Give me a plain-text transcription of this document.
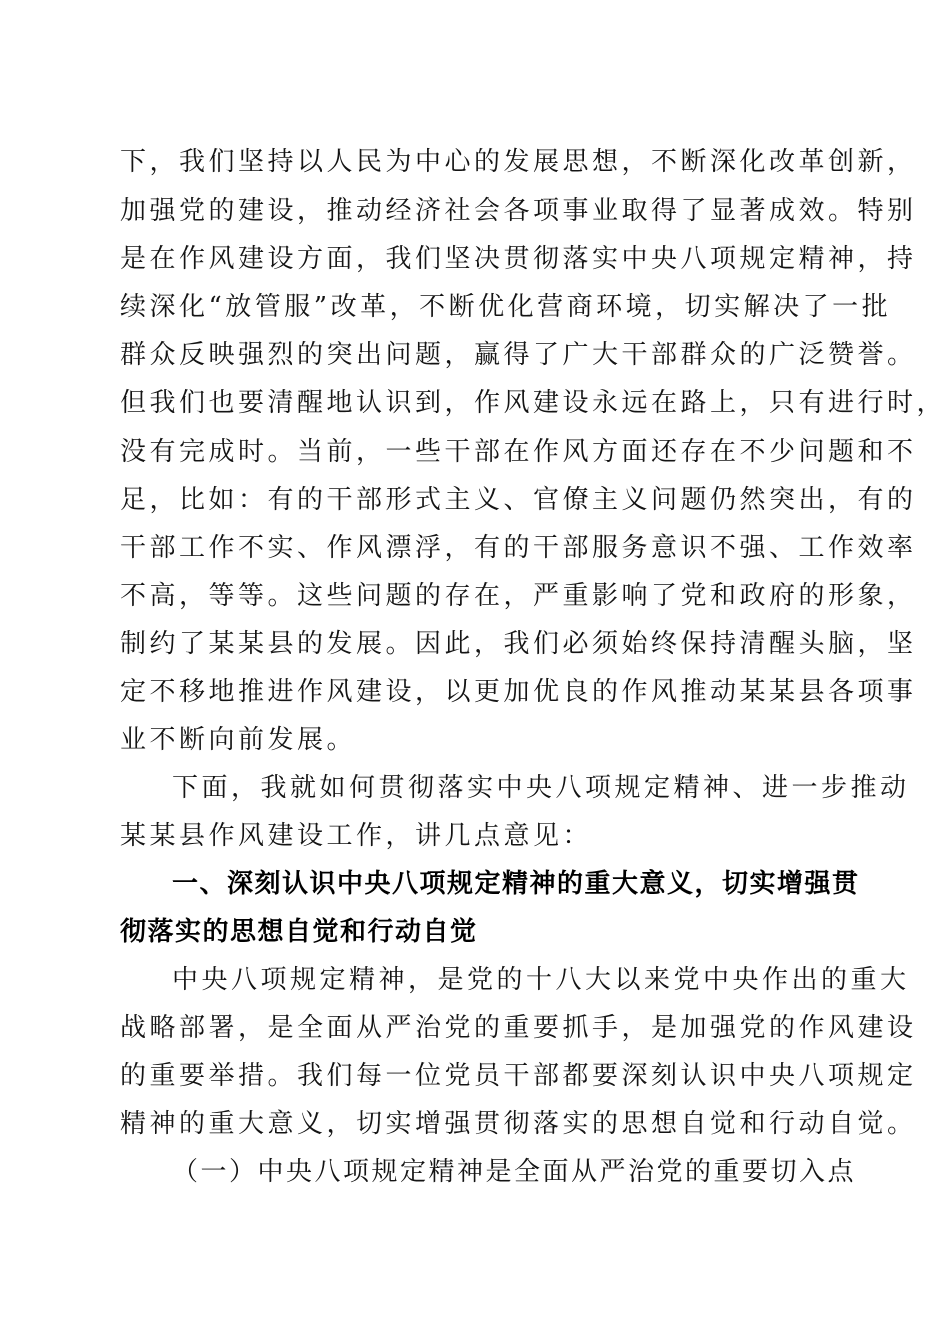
下，我们坚持以人民为中心的发展思想，不断深化改革创新，
加强党的建设，推动经济社会各项事业取得了显著成效。特别
是在作风建设方面，我们坚决贯彻落实中央八项规定精神，持
续深化“放管服”改革，不断优化营商环境，切实解决了一批
群众反映强烈的突出问题，赢得了广大干部群众的广泛赞誉。
但我们也要清醒地认识到，作风建设永远在路上，只有进行时，
没有完成时。当前，一些干部在作风方面还存在不少问题和不
足，比如：有的干部形式主义、官僚主义问题仍然突出，有的
干部工作不实、作风漂浮，有的干部服务意识不强、工作效率
不高，等等。这些问题的存在，严重影响了党和政府的形象，
制约了某某县的发展。因此，我们必须始终保持清醒头脑，坚
定不移地推进作风建设，以更加优良的作风推动某某县各项事
业不断向前发展。
下面，我就如何贯彻落实中央八项规定精神、进一步推动
某某县作风建设工作，讲几点意见：
一、深刻认识中央八项规定精神的重大意义，切实增强贯
彻落实的思想自觉和行动自觉
中央八项规定精神，是党的十八大以来党中央作出的重大
战略部署，是全面从严治党的重要抓手，是加强党的作风建设
的重要举措。我们每一位党员干部都要深刻认识中央八项规定
精神的重大意义，切实增强贯彻落实的思想自觉和行动自觉。
（一）中央八项规定精神是全面从严治党的重要切入点
